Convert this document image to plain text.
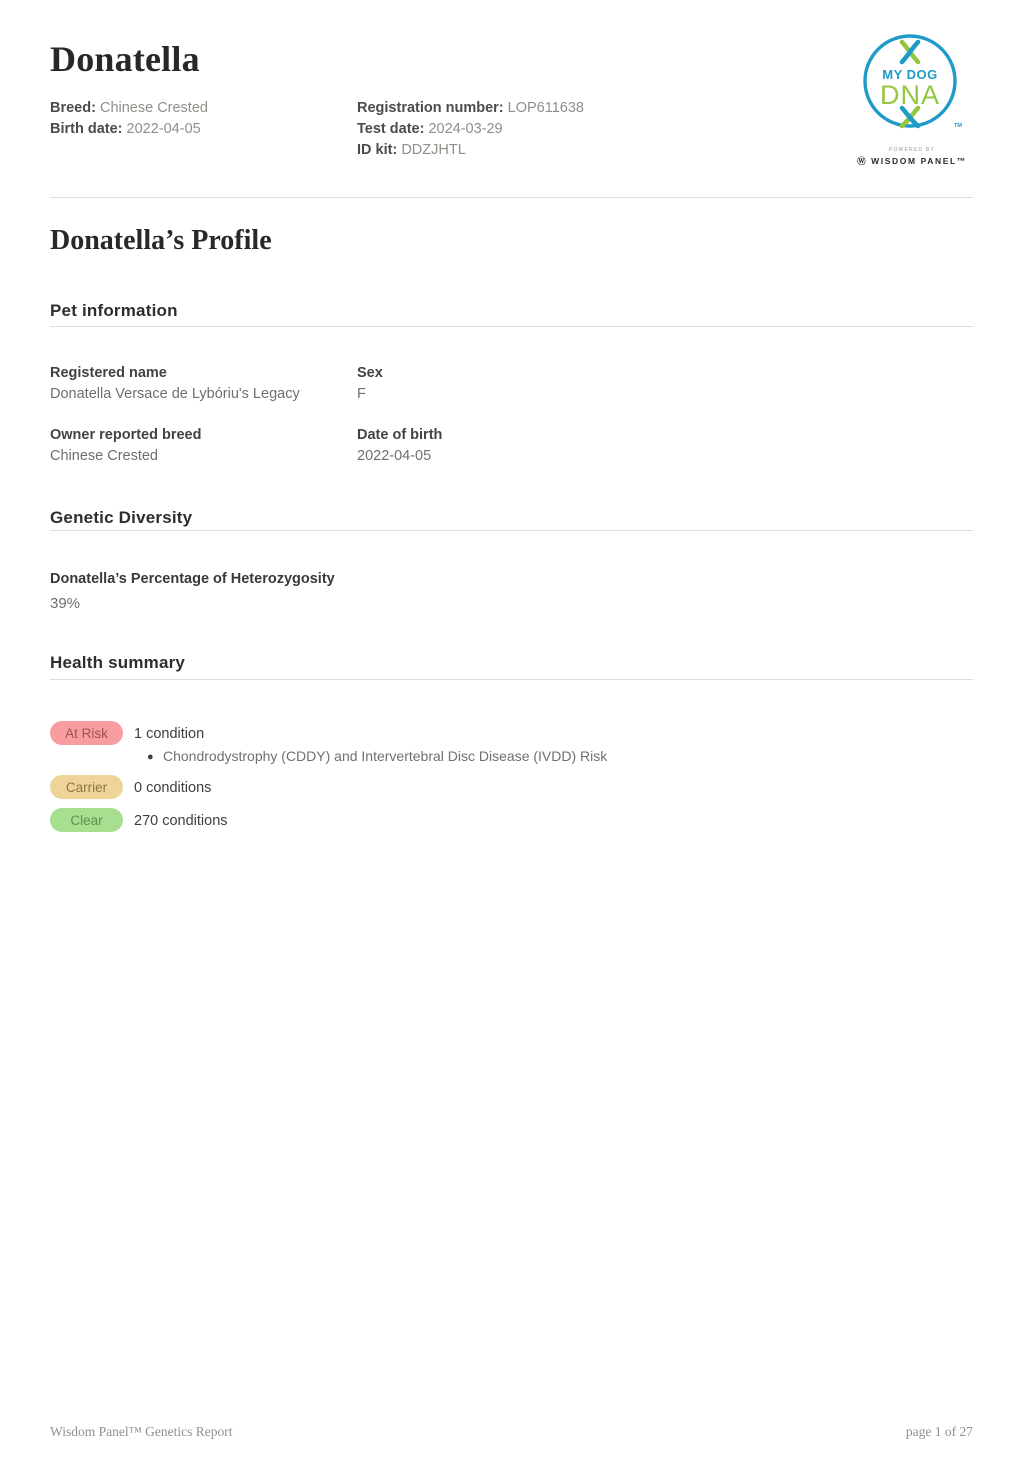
Donatella
Breed: Chinese Crested
Birth date: 2022-04-05
Registration number: LOP611638
Test date: 2024-03-29
ID kit: DDZJHTL
MY DOG
DNA
TM
POWERED BY
Ⓦ WISDOM PANEL™
Donatella’s Profile
Pet information
Registered name
Donatella Versace de Lybóriu's Legacy
Sex
F
Owner reported breed
Chinese Crested
Date of birth
2022-04-05
Genetic Diversity
Donatella’s Percentage of Heterozygosity
39%
Health summary
At Risk	1 condition
● Chondrodystrophy (CDDY) and Intervertebral Disc Disease (IVDD) Risk
Carrier	0 conditions
Clear	270 conditions
Wisdom Panel™ Genetics Report	page 1 of 27
